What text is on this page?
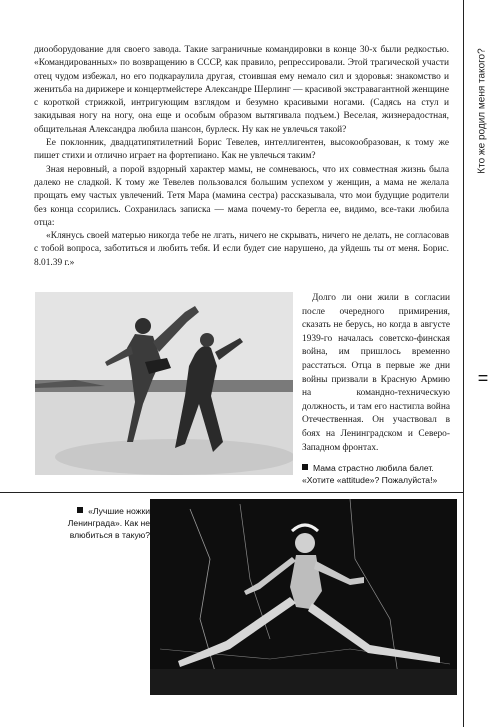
Кто же родил меня такого?
=

диооборудование для своего завода. Такие заграничные командировки в конце 30-х были редкостью. «Командированных» по возвращению в СССР, как правило, репрессировали. Этой трагической участи отец чудом избежал, но его подкараулила другая, стоившая ему немало сил и здоровья: знакомство и женитьба на дирижере и концертмейстере Александре Шерлинг — красивой экстравагантной женщине с короткой стрижкой, интригующим взглядом и безумно красивыми ногами. (Садясь на стул и закидывая ногу на ногу, она еще и особым образом вытягивала подъем.) Веселая, жизнерадостная, общительная Александра любила шансон, бурлеск. Ну как не увлечься такой?

Ее поклонник, двадцатипятилетний Борис Тевелев, интеллигентен, высокообразован, к тому же пишет стихи и отлично играет на фортепиано. Как не увлечься таким?

Зная неровный, а порой вздорный характер мамы, не сомневаюсь, что их совместная жизнь была далеко не сладкой. К тому же Тевелев пользовался большим успехом у женщин, а мама не желала прощать ему частых увлечений. Тетя Мара (мамина сестра) рассказывала, что мои будущие родители без конца ссорились. Сохранилась записка — мама почему-то берегла ее, видимо, все-таки любила отца:

«Клянусь своей матерью никогда тебе не лгать, ничего не скрывать, ничего не делать, не согласовав с тобой вопроса, заботиться и любить тебя. И если будет сие нарушено, да уйдешь ты от меня. Борис. 8.01.39 г.»

Долго ли они жили в согласии после очередного примирения, сказать не берусь, но когда в августе 1939-го началась советско-финская война, им пришлось временно расстаться. Отца в первые же дни войны призвали в Красную Армию на командно-техническую должность, и там его настигла война Отечественная. Он участвовал в боях на Ленинградском и Северо-Западном фронтах.

Мама страстно любила балет. «Хотите «attitude»? Пожалуйста!»
«Лучшие ножки Ленинграда». Как не влюбиться в такую?
